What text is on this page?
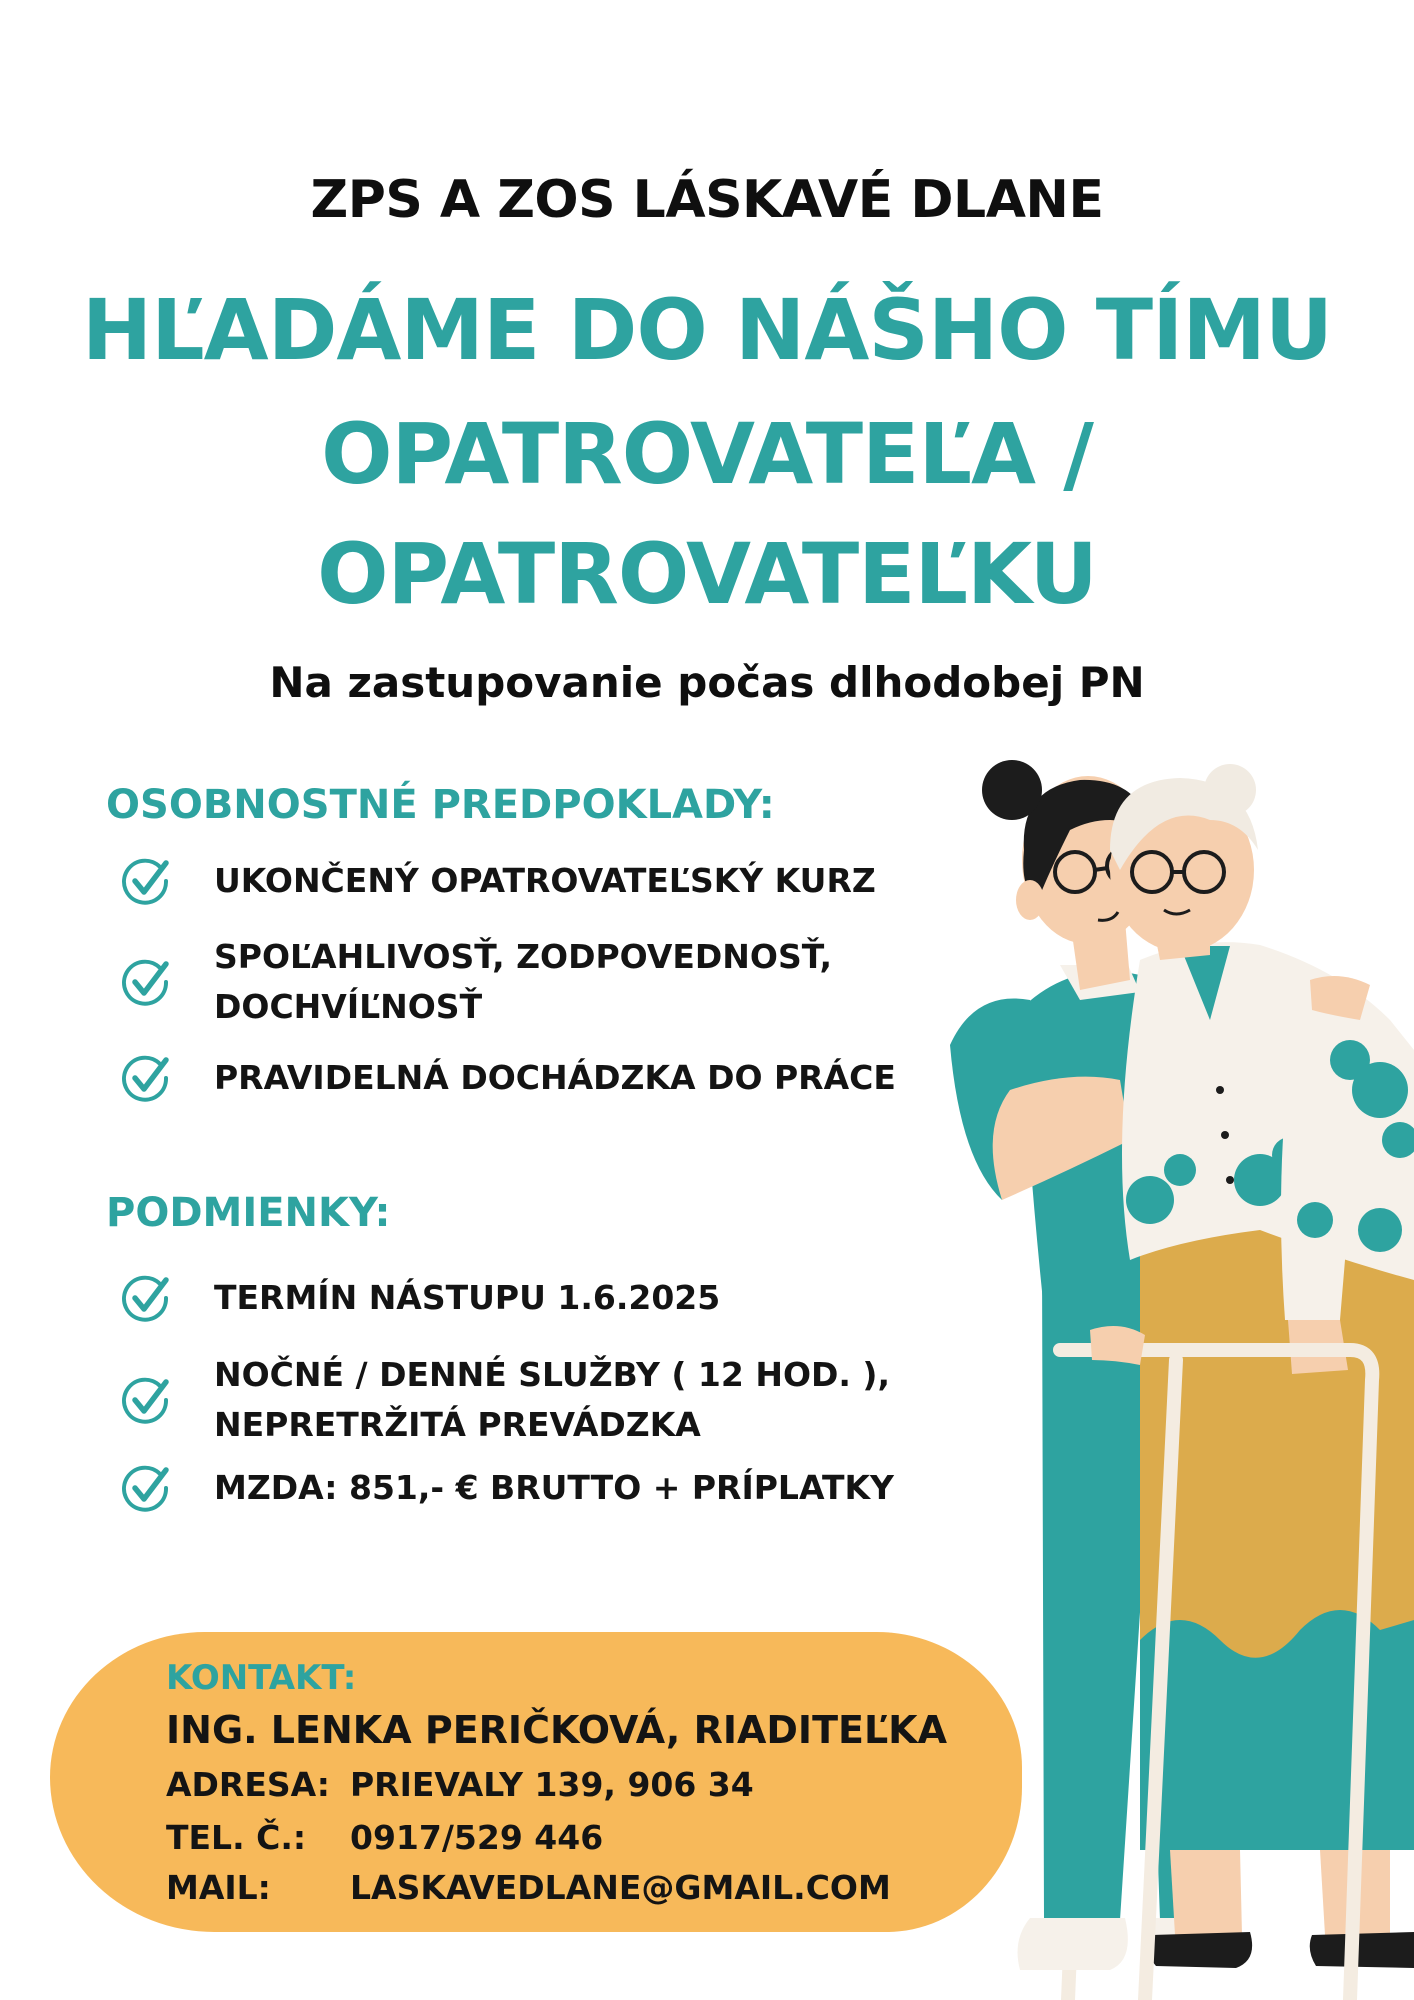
ZPS A ZOS LÁSKAVÉ DLANE
HĽADÁME DO NÁŠHO TÍMU
OPATROVATEĽA /
OPATROVATEĽKU
Na zastupovanie počas dlhodobej PN
OSOBNOSTNÉ PREDPOKLADY:
UKONČENÝ OPATROVATEĽSKÝ KURZ
SPOĽAHLIVOSŤ, ZODPOVEDNOSŤ,
DOCHVÍĽNOSŤ
PRAVIDELNÁ DOCHÁDZKA DO PRÁCE
PODMIENKY:
TERMÍN NÁSTUPU 1.6.2025
NOČNÉ / DENNÉ SLUŽBY ( 12 HOD. ),
NEPRETRŽITÁ PREVÁDZKA
MZDA: 851,- € BRUTTO + PRÍPLATKY
KONTAKT:
ING. LENKA PERIČKOVÁ, RIADITEĽKA
ADRESA: PRIEVALY 139, 906 34
TEL. Č.: 0917/529 446
MAIL: LASKAVEDLANE@GMAIL.COM
